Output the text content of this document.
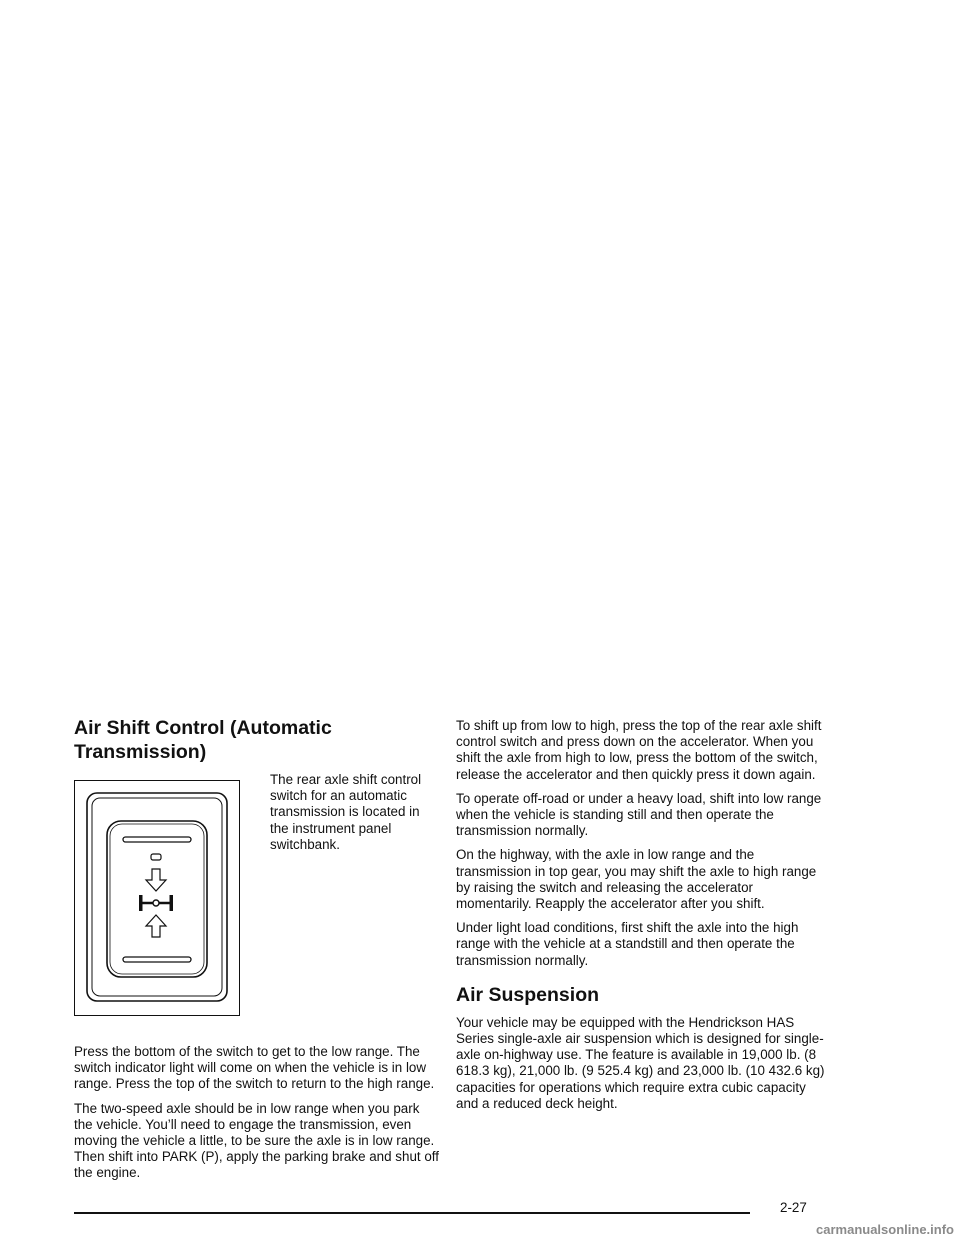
Air Shift Control (Automatic
Transmission)

The rear axle shift control switch for an automatic transmission is located in the instrument panel switchbank.

Press the bottom of the switch to get to the low range. The switch indicator light will come on when the vehicle is in low range. Press the top of the switch to return to the high range.

The two-speed axle should be in low range when you park the vehicle. You’ll need to engage the transmission, even moving the vehicle a little, to be sure the axle is in low range. Then shift into PARK (P), apply the parking brake and shut off the engine.

To shift up from low to high, press the top of the rear axle shift control switch and press down on the accelerator. When you shift the axle from high to low, press the bottom of the switch, release the accelerator and then quickly press it down again.

To operate off-road or under a heavy load, shift into low range when the vehicle is standing still and then operate the transmission normally.

On the highway, with the axle in low range and the transmission in top gear, you may shift the axle to high range by raising the switch and releasing the accelerator momentarily. Reapply the accelerator after you shift.

Under light load conditions, first shift the axle into the high range with the vehicle at a standstill and then operate the transmission normally.

Air Suspension

Your vehicle may be equipped with the Hendrickson HAS Series single-axle air suspension which is designed for single-axle on-highway use. The feature is available in 19,000 lb. (8 618.3 kg), 21,000 lb. (9 525.4 kg) and 23,000 lb. (10 432.6 kg) capacities for operations which require extra cubic capacity and a reduced deck height.

2-27
carmanualsonline.info
